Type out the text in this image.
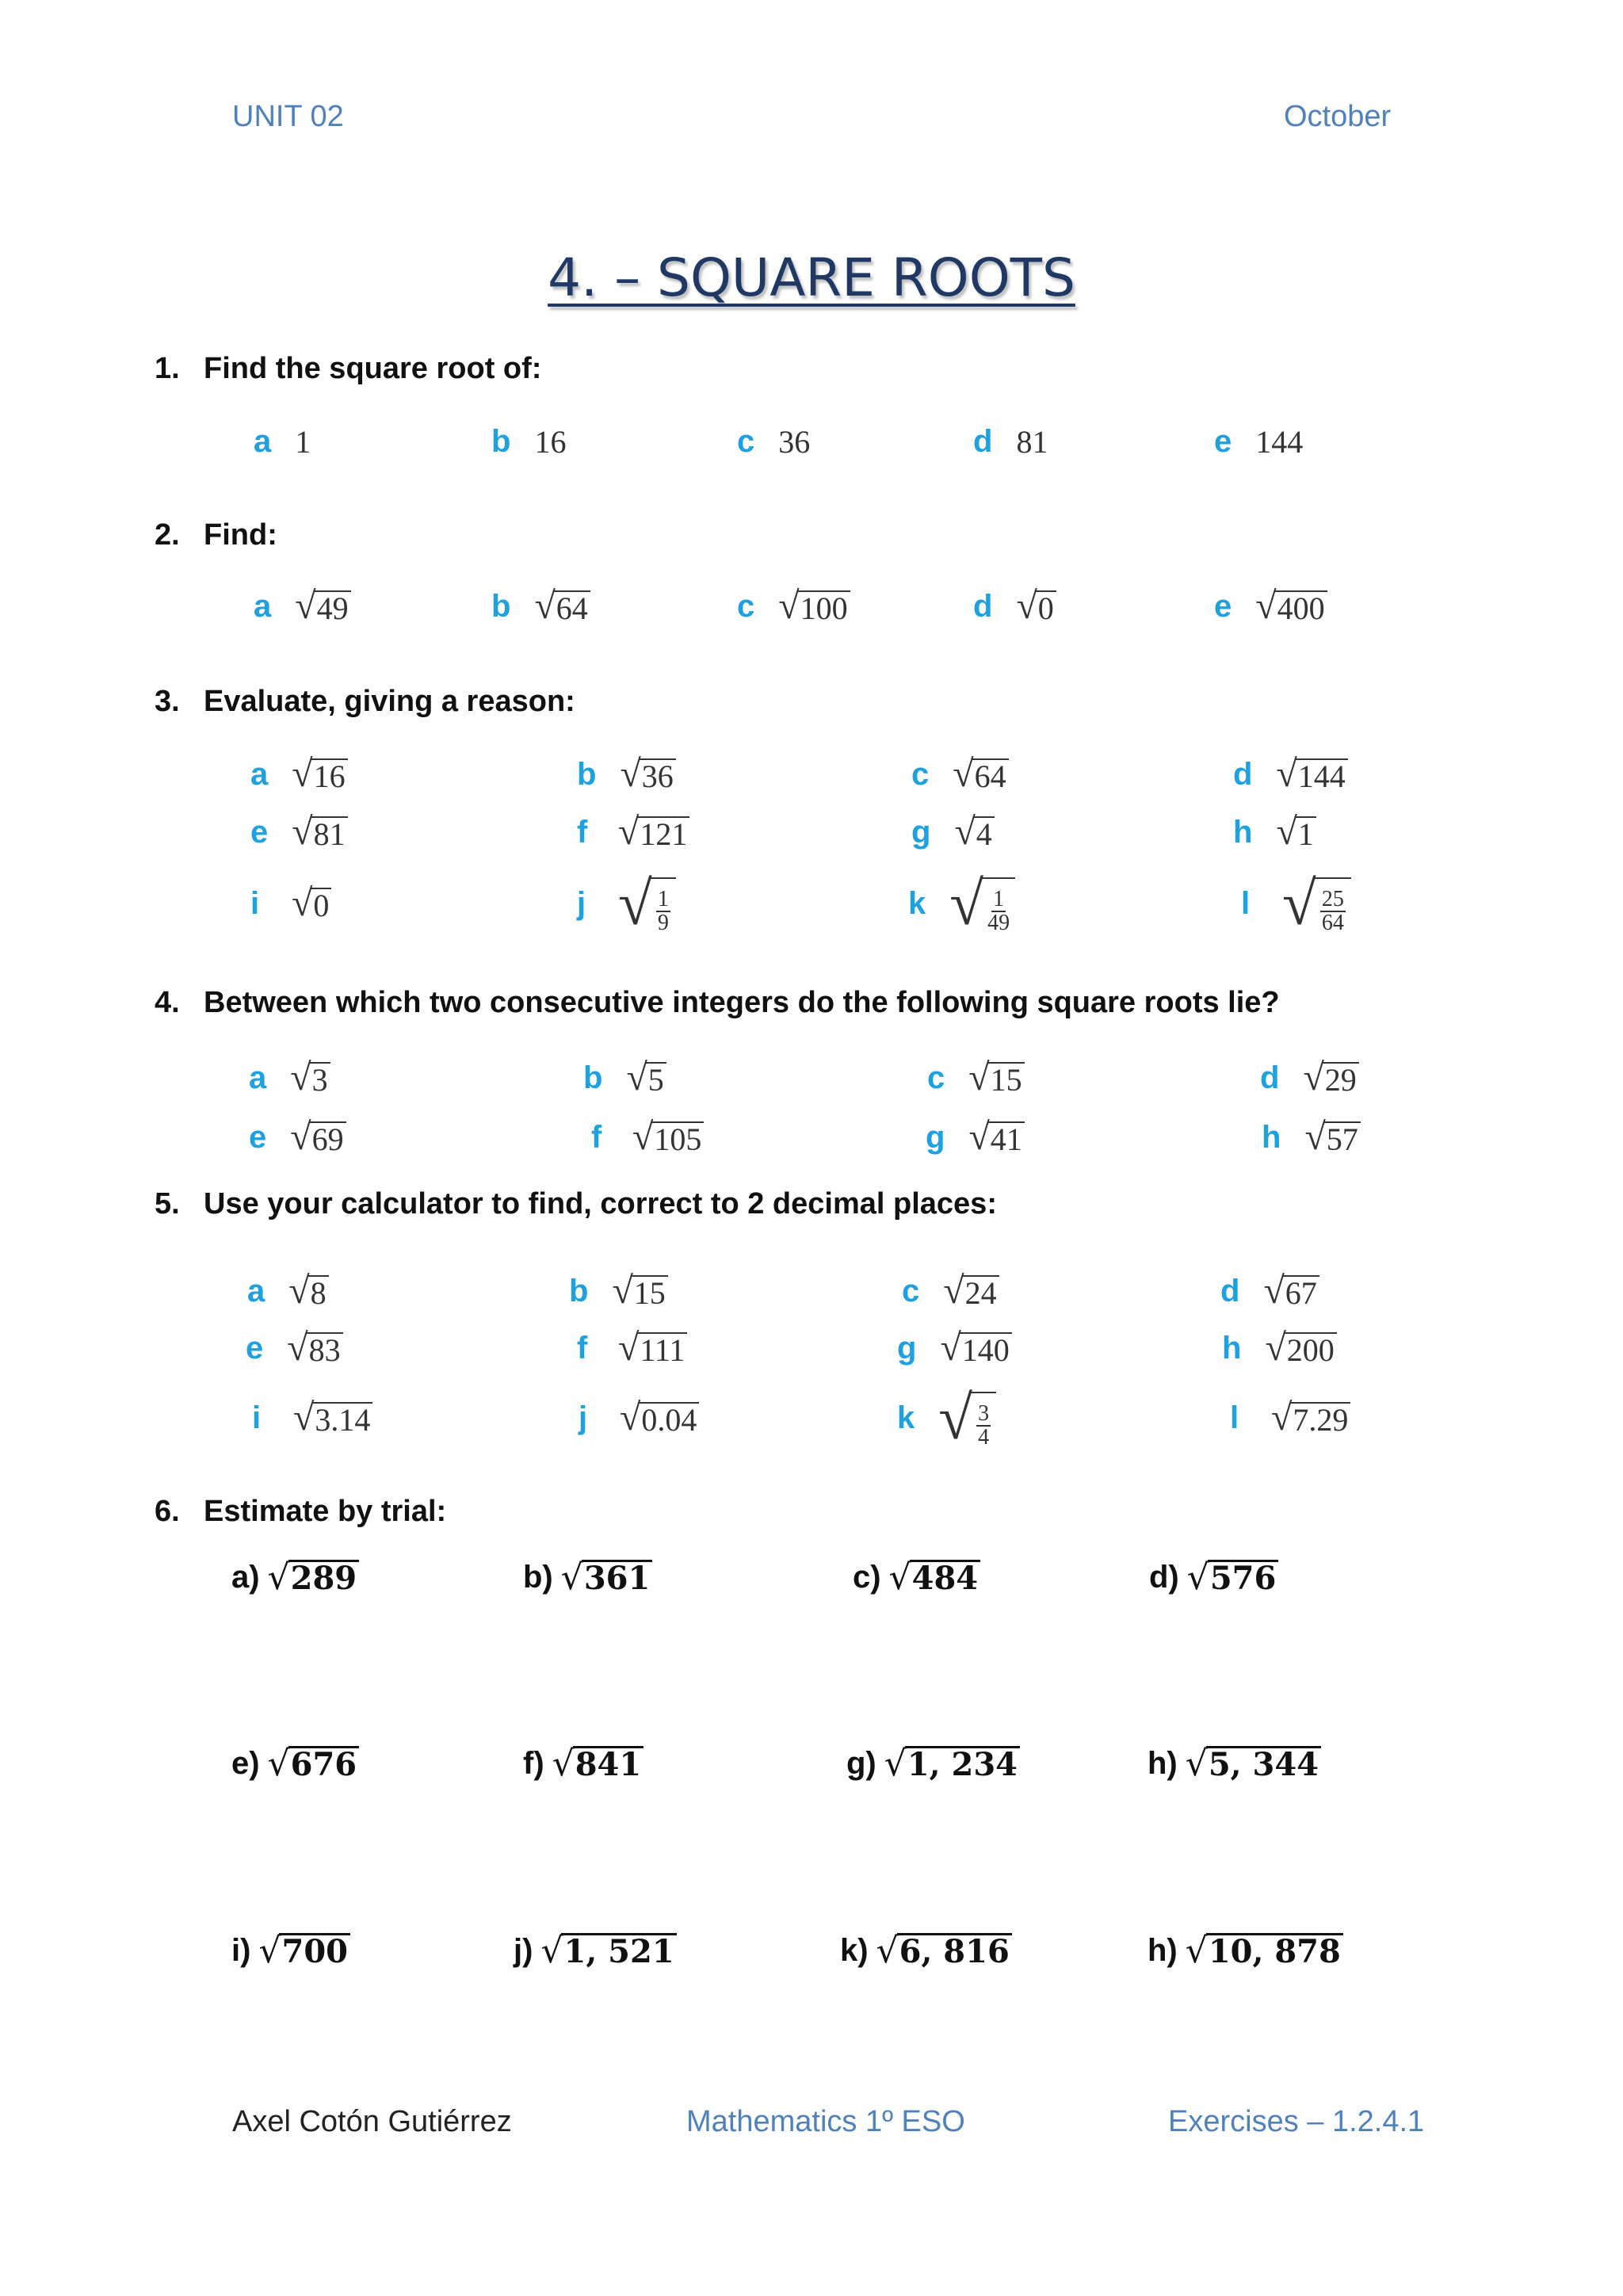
UNIT 02	October
4. – SQUARE ROOTS
1. Find the square root of:
2. Find:
3. Evaluate, giving a reason:
4. Between which two consecutive integers do the following square roots lie?
5. Use your calculator to find, correct to 2 decimal places:
6. Estimate by trial:
a 1	b 16	c 36	d 81	e 144
a √ 49	b √ 64	c √ 100	d √ 0	e √ 400
a √ 16	b √ 36	c √ 64	d √ 144
e √ 81	f √ 121	g √ 4	h √ 1
i √ 0	j √ $\frac{1}{9}$	k √ $\frac{1}{49}$	l √ $\frac{25}{64}$
a √ 3	b √ 5	c √ 15	d √ 29
e √ 69	f √ 105	g √ 41	h √ 57
a √ 8	b √ 15	c √ 24	d √ 67
e √ 83	f √ 111	g √ 140	h √ 200
i √ 3.14	j √ 0.04	k √ $\frac{3}{4}$	l √ 7.29
a) √ 289	b) √ 361	c) √ 484	d) √ 576
e) √ 676	f) √ 841	g) √ 1, 234	h) √ 5, 344
i) √ 700	j) √ 1, 521	k) √ 6, 816	h) √ 10, 878
Axel Cotón Gutiérrez	Mathematics 1º ESO	Exercises – 1.2.4.1
